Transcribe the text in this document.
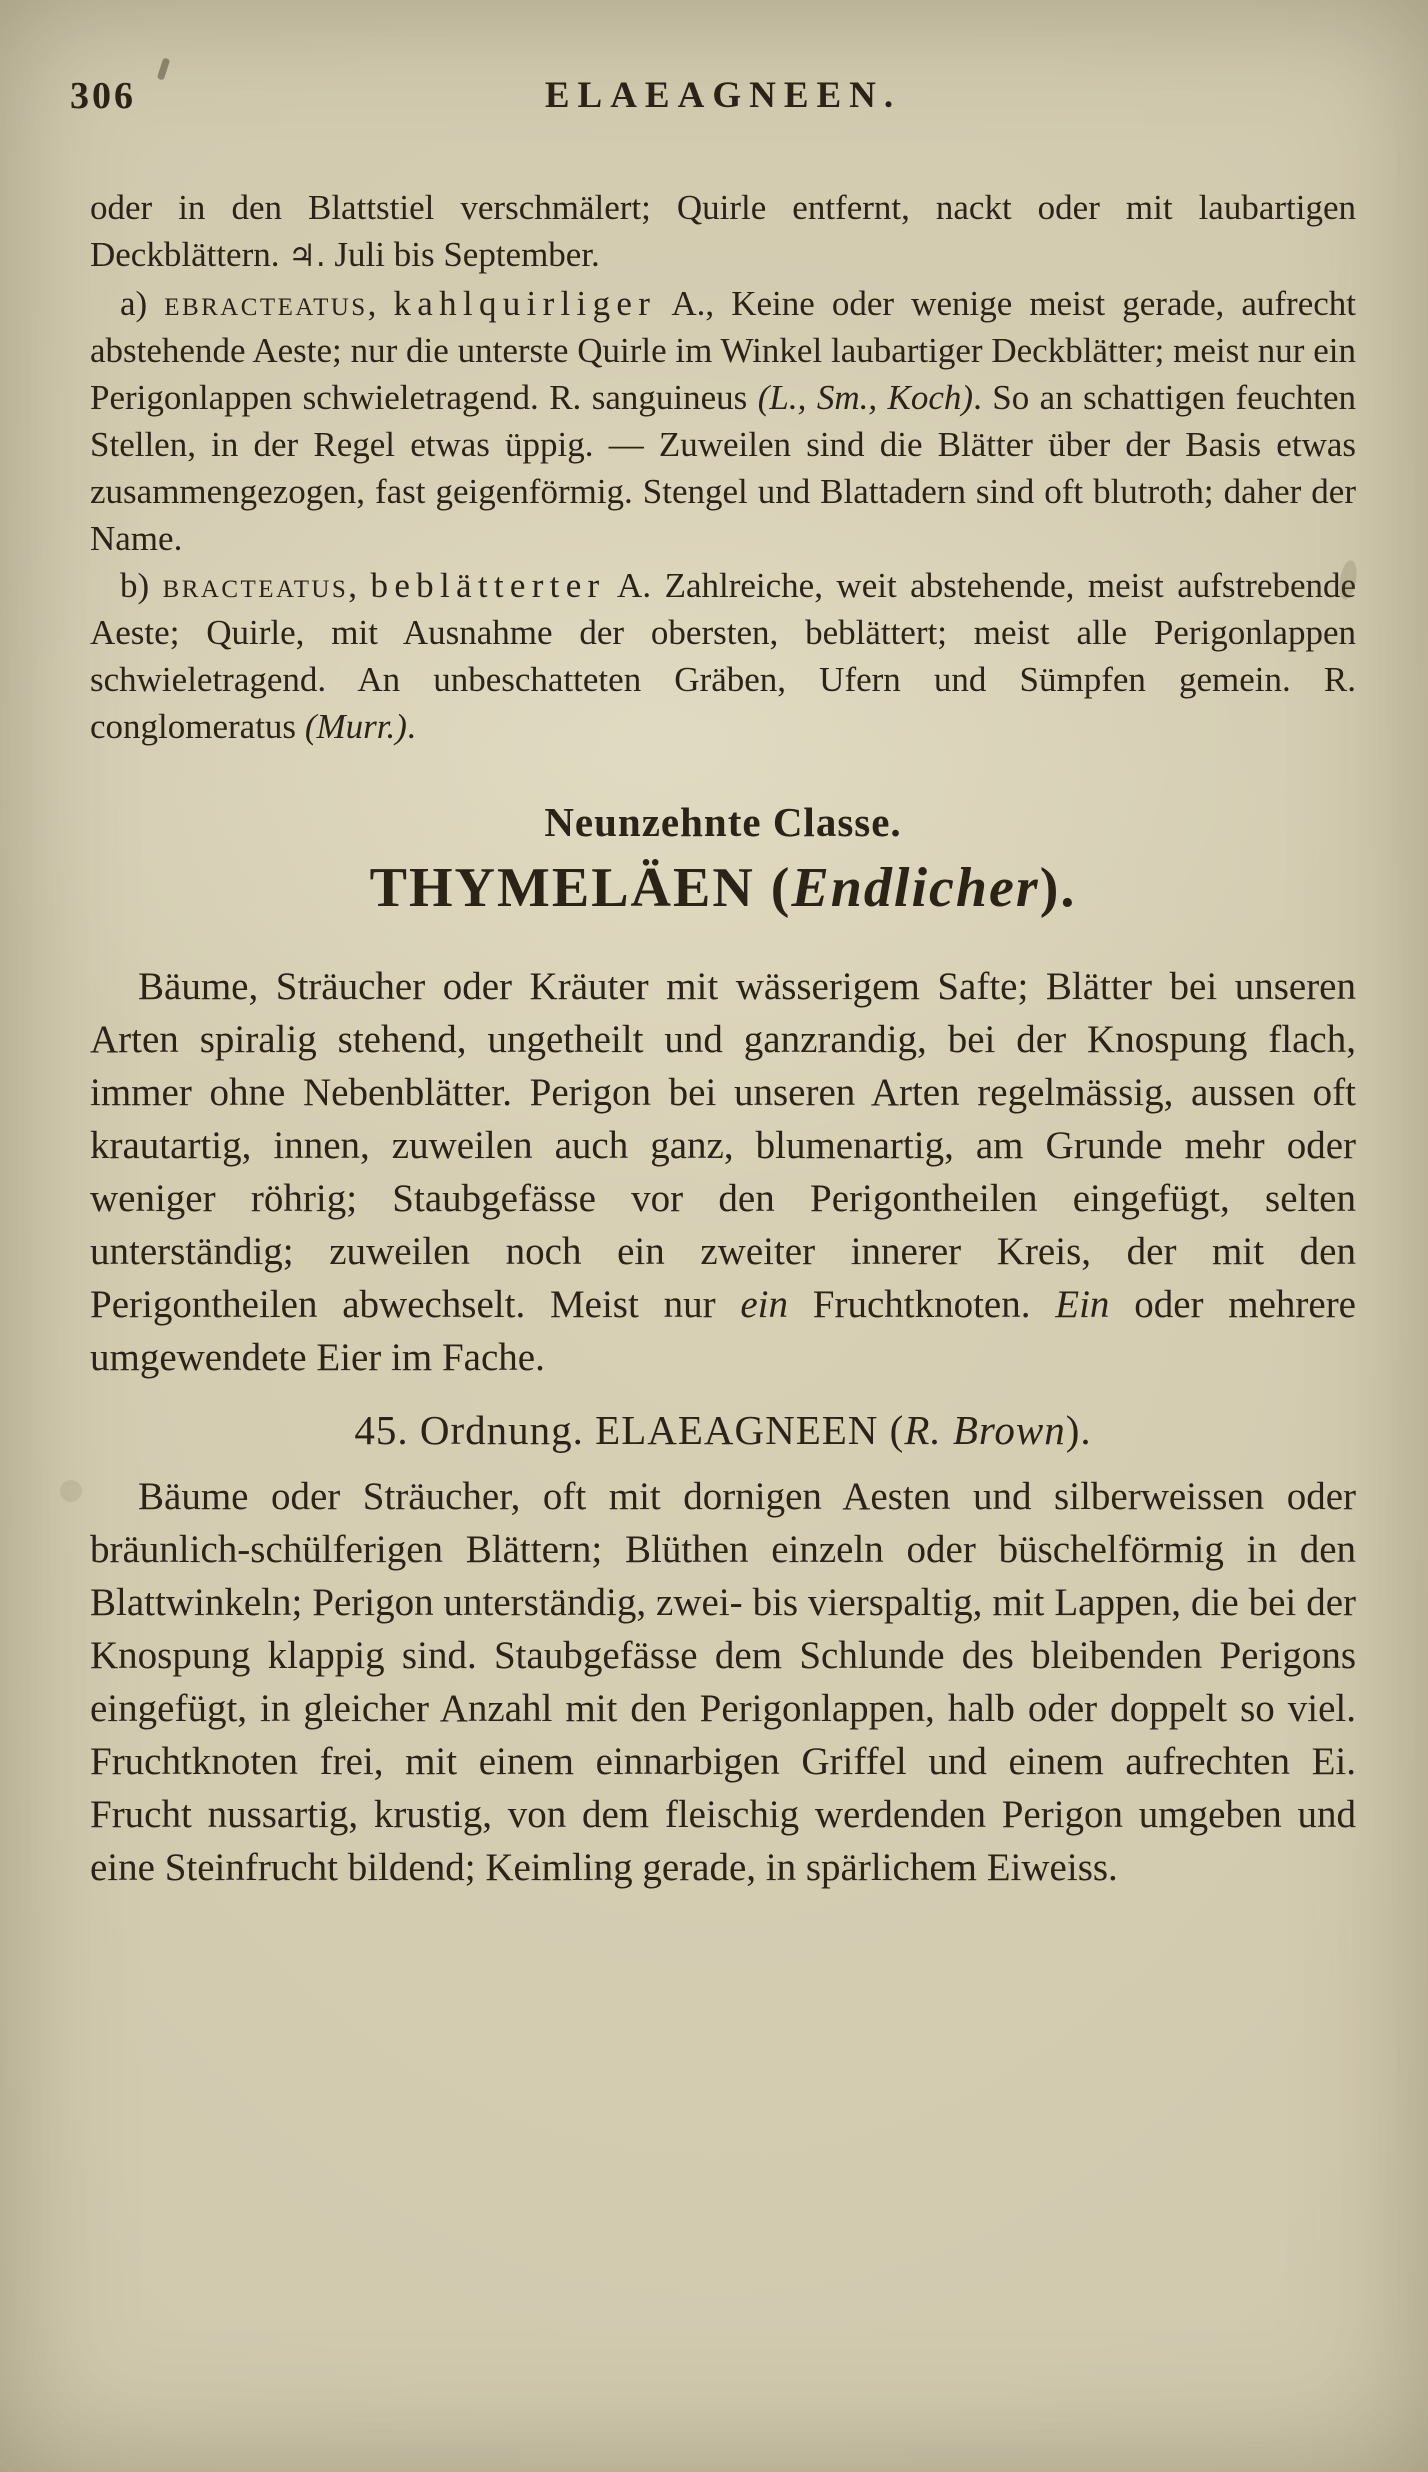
306	ELAEAGNEEN.

oder in den Blattstiel verschmälert; Quirle entfernt, nackt oder mit laubartigen Deckblättern. ♃. Juli bis September.

a) ebracteatus, kahlquirliger A., Keine oder wenige meist gerade, aufrecht abstehende Aeste; nur die unterste Quirle im Winkel laubartiger Deckblätter; meist nur ein Perigonlappen schwieletragend. R. sanguineus (L., Sm., Koch). So an schattigen feuchten Stellen, in der Regel etwas üppig. — Zuweilen sind die Blätter über der Basis etwas zusammengezogen, fast geigenförmig. Stengel und Blattadern sind oft blutroth; daher der Name.

b) bracteatus, beblätterter A. Zahlreiche, weit abstehende, meist aufstrebende Aeste; Quirle, mit Ausnahme der obersten, beblättert; meist alle Perigonlappen schwieletragend. An unbeschatteten Gräben, Ufern und Sümpfen gemein. R. conglomeratus (Murr.).

Neunzehnte Classe.
THYMELÄEN (Endlicher).

Bäume, Sträucher oder Kräuter mit wässerigem Safte; Blätter bei unseren Arten spiralig stehend, ungetheilt und ganzrandig, bei der Knospung flach, immer ohne Nebenblätter. Perigon bei unseren Arten regelmässig, aussen oft krautartig, innen, zuweilen auch ganz, blumenartig, am Grunde mehr oder weniger röhrig; Staubgefässe vor den Perigontheilen eingefügt, selten unterständig; zuweilen noch ein zweiter innerer Kreis, der mit den Perigontheilen abwechselt. Meist nur ein Fruchtknoten. Ein oder mehrere umgewendete Eier im Fache.

45. Ordnung. ELAEAGNEEN (R. Brown).

Bäume oder Sträucher, oft mit dornigen Aesten und silberweissen oder bräunlich-schülferigen Blättern; Blüthen einzeln oder büschelförmig in den Blattwinkeln; Perigon unterständig, zwei- bis vierspaltig, mit Lappen, die bei der Knospung klappig sind. Staubgefässe dem Schlunde des bleibenden Perigons eingefügt, in gleicher Anzahl mit den Perigonlappen, halb oder doppelt so viel. Fruchtknoten frei, mit einem einnarbigen Griffel und einem aufrechten Ei. Frucht nussartig, krustig, von dem fleischig werdenden Perigon umgeben und eine Steinfrucht bildend; Keimling gerade, in spärlichem Eiweiss.
